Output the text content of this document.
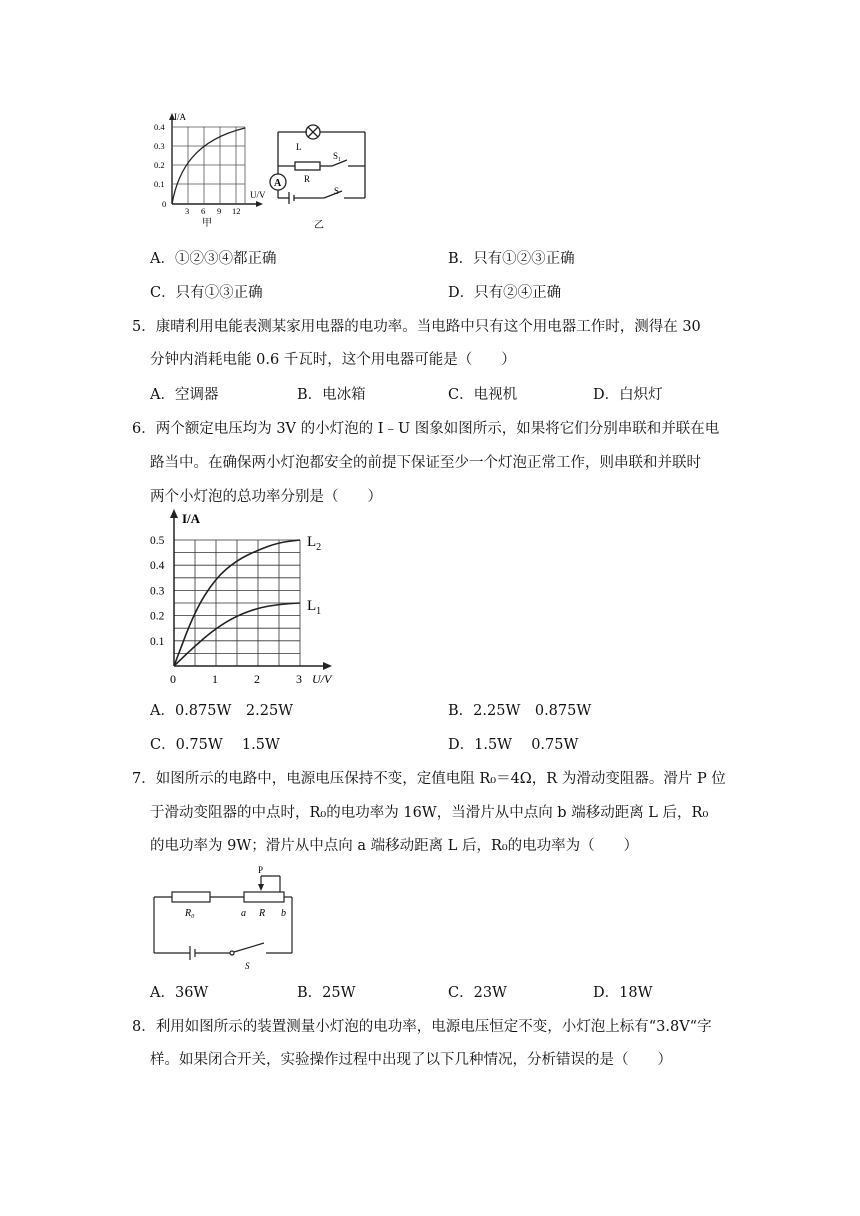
I/A
U/V
0.4
0.3
0.2
0.1
0
3 6 9 12
甲
A
L
R
S₁
S
乙
A．①②③④都正确	B．只有①②③正确
C．只有①③正确	D．只有②④正确
5．康晴利用电能表测某家用电器的电功率。当电路中只有这个用电器工作时，测得在 30
分钟内消耗电能 0.6 千瓦时，这个用电器可能是（　　）
A．空调器	B．电冰箱	C．电视机	D．白炽灯
6．两个额定电压均为 3V 的小灯泡的 I﹣U 图象如图所示，如果将它们分别串联和并联在电
路当中。在确保两小灯泡都安全的前提下保证至少一个灯泡正常工作，则串联和并联时
两个小灯泡的总功率分别是（　　）
0	1	2	3
0.1
0.2
0.3
0.4
0.5
I/A
U/V
$L_2$
$L_1$
A．0.875W　2.25W	B．2.25W　0.875W
C．0.75W　 1.5W	D．1.5W　 0.75W
7．如图所示的电路中，电源电压保持不变，定值电阻 R₀＝4Ω，R 为滑动变阻器。滑片 P 位
于滑动变阻器的中点时，R₀的电功率为 16W，当滑片从中点向 b 端移动距离 L 后，R₀
的电功率为 9W；滑片从中点向 a 端移动距离 L 后，R₀的电功率为（　　）
R₀	a R b
P
S
A．36W	B．25W	C．23W	D．18W
8．利用如图所示的装置测量小灯泡的电功率，电源电压恒定不变，小灯泡上标有“3.8V“字
样。如果闭合开关，实验操作过程中出现了以下几种情况，分析错误的是（　　）
